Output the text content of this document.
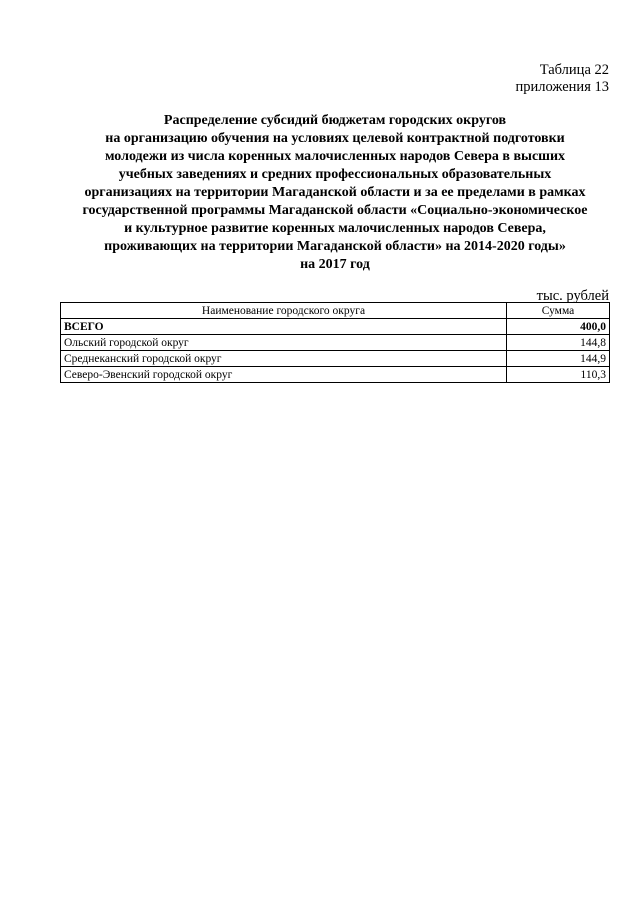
Таблица 22
приложения 13
Распределение субсидий бюджетам городских округов
на организацию обучения на условиях целевой контрактной подготовки
молодежи из числа коренных малочисленных народов Севера в высших
учебных заведениях и средних профессиональных образовательных
организациях на территории Магаданской области и за ее пределами в рамках
государственной программы Магаданской области «Социально-экономическое
и культурное развитие коренных малочисленных народов Севера,
проживающих на территории Магаданской области» на 2014-2020 годы»
на 2017 год
тыс. рублей
Наименование городского округа	Сумма
ВСЕГО	400,0
Ольский городской округ	144,8
Среднеканский городской округ	144,9
Северо-Эвенский городской округ	110,3
